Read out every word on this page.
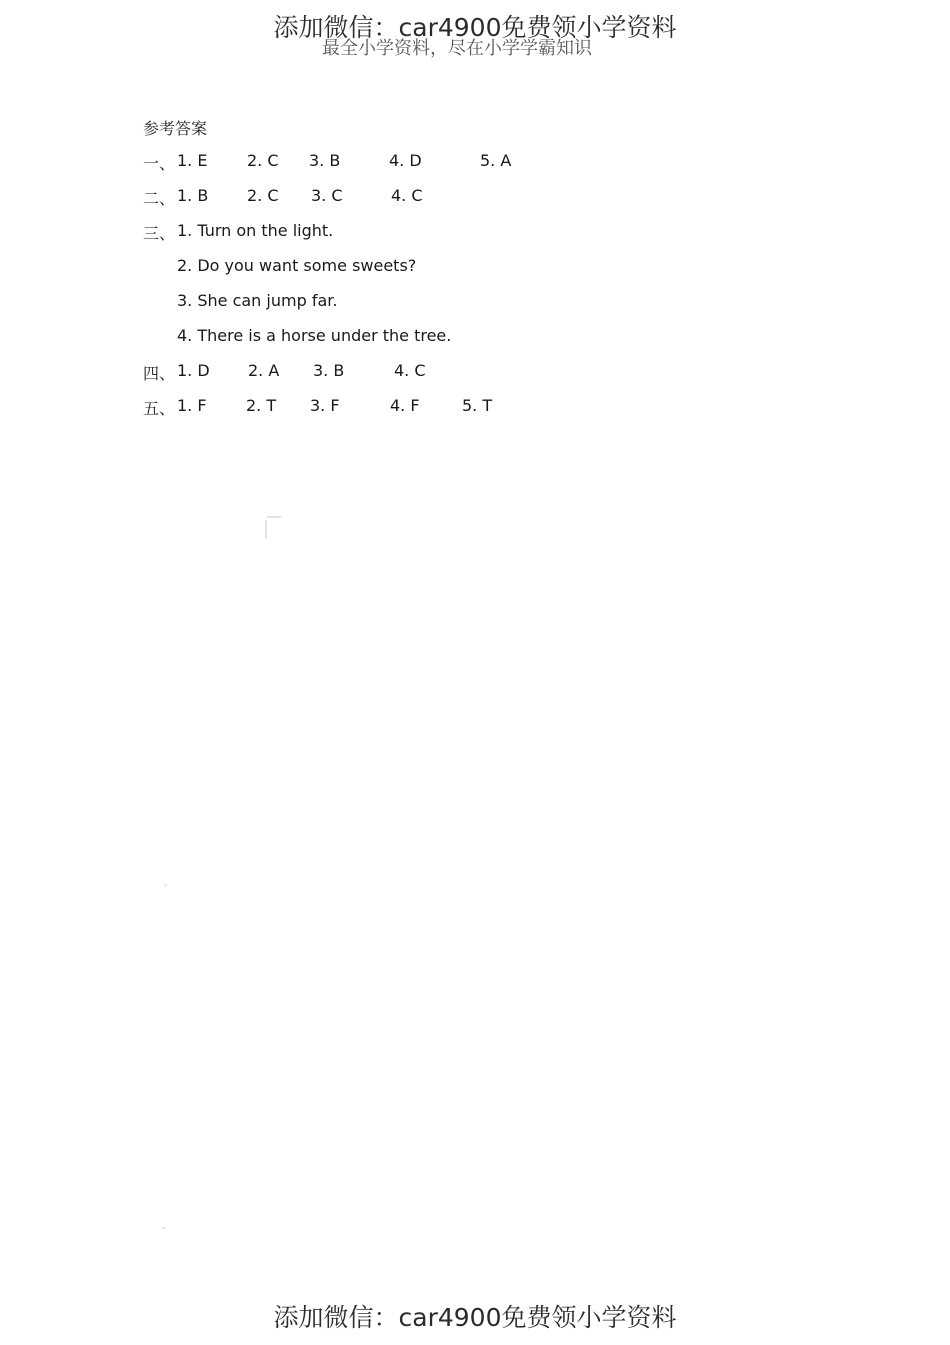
添加微信：car4900免费领小学资料
最全小学资料，尽在小学学霸知识
参考答案
一、 1. E 2. C 3. B	4. D	5. A
二、 1. B 2. C 3. C	4. C
三、 1. Turn on the light.
2. Do you want some sweets?
3. She can jump far.
4. There is a horse under the tree.
四、 1. D 2. A 3. B	4. C
五、 1. F 2. T 3. F	4. F	5. T
添加微信：car4900免费领小学资料
